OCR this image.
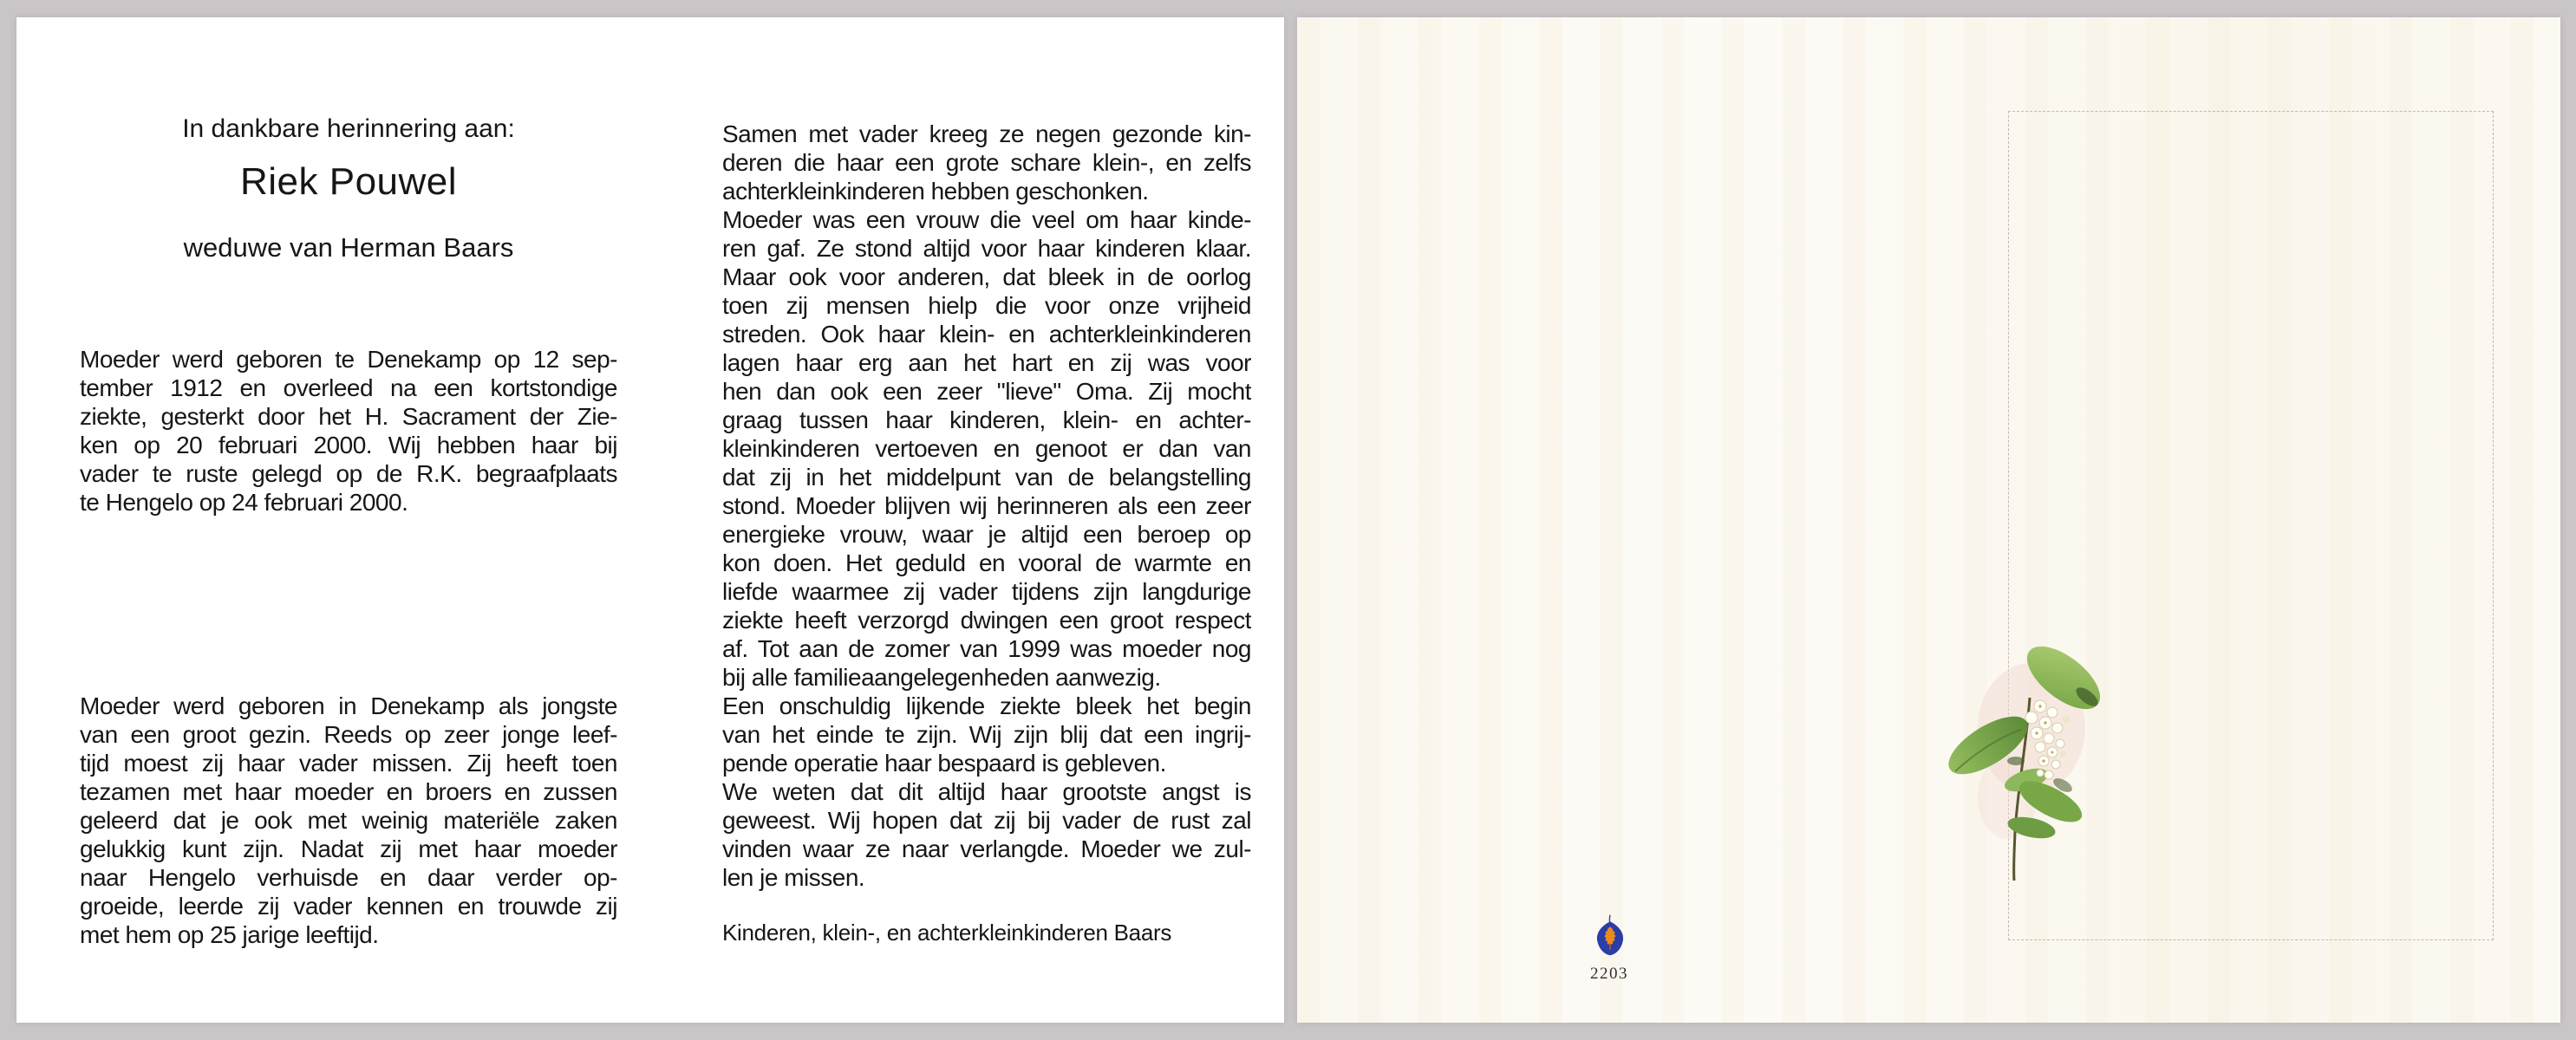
In dankbare herinnering aan:
Riek Pouwel
weduwe van Herman Baars
Moeder werd geboren te Denekamp op 12 sep-
tember 1912 en overleed na een kortstondige
ziekte, gesterkt door het H. Sacrament der Zie-
ken op 20 februari 2000. Wij hebben haar bij
vader te ruste gelegd op de R.K. begraafplaats
te Hengelo op 24 februari 2000.
Moeder werd geboren in Denekamp als jongste
van een groot gezin. Reeds op zeer jonge leef-
tijd moest zij haar vader missen. Zij heeft toen
tezamen met haar moeder en broers en zussen
geleerd dat je ook met weinig materiële zaken
gelukkig kunt zijn. Nadat zij met haar moeder
naar Hengelo verhuisde en daar verder op-
groeide, leerde zij vader kennen en trouwde zij
met hem op 25 jarige leeftijd.
Samen met vader kreeg ze negen gezonde kin-
deren die haar een grote schare klein-, en zelfs
achterkleinkinderen hebben geschonken.
Moeder was een vrouw die veel om haar kinde-
ren gaf. Ze stond altijd voor haar kinderen klaar.
Maar ook voor anderen, dat bleek in de oorlog
toen zij mensen hielp die voor onze vrijheid
streden. Ook haar klein- en achterkleinkinderen
lagen haar erg aan het hart en zij was voor
hen dan ook een zeer "lieve" Oma. Zij mocht
graag tussen haar kinderen, klein- en achter-
kleinkinderen vertoeven en genoot er dan van
dat zij in het middelpunt van de belangstelling
stond. Moeder blijven wij herinneren als een zeer
energieke vrouw, waar je altijd een beroep op
kon doen. Het geduld en vooral de warmte en
liefde waarmee zij vader tijdens zijn langdurige
ziekte heeft verzorgd dwingen een groot respect
af. Tot aan de zomer van 1999 was moeder nog
bij alle familieaangelegenheden aanwezig.
Een onschuldig lijkende ziekte bleek het begin
van het einde te zijn. Wij zijn blij dat een ingrij-
pende operatie haar bespaard is gebleven.
We weten dat dit altijd haar grootste angst is
geweest. Wij hopen dat zij bij vader de rust zal
vinden waar ze naar verlangde. Moeder we zul-
len je missen.
Kinderen, klein-, en achterkleinkinderen Baars
2203
